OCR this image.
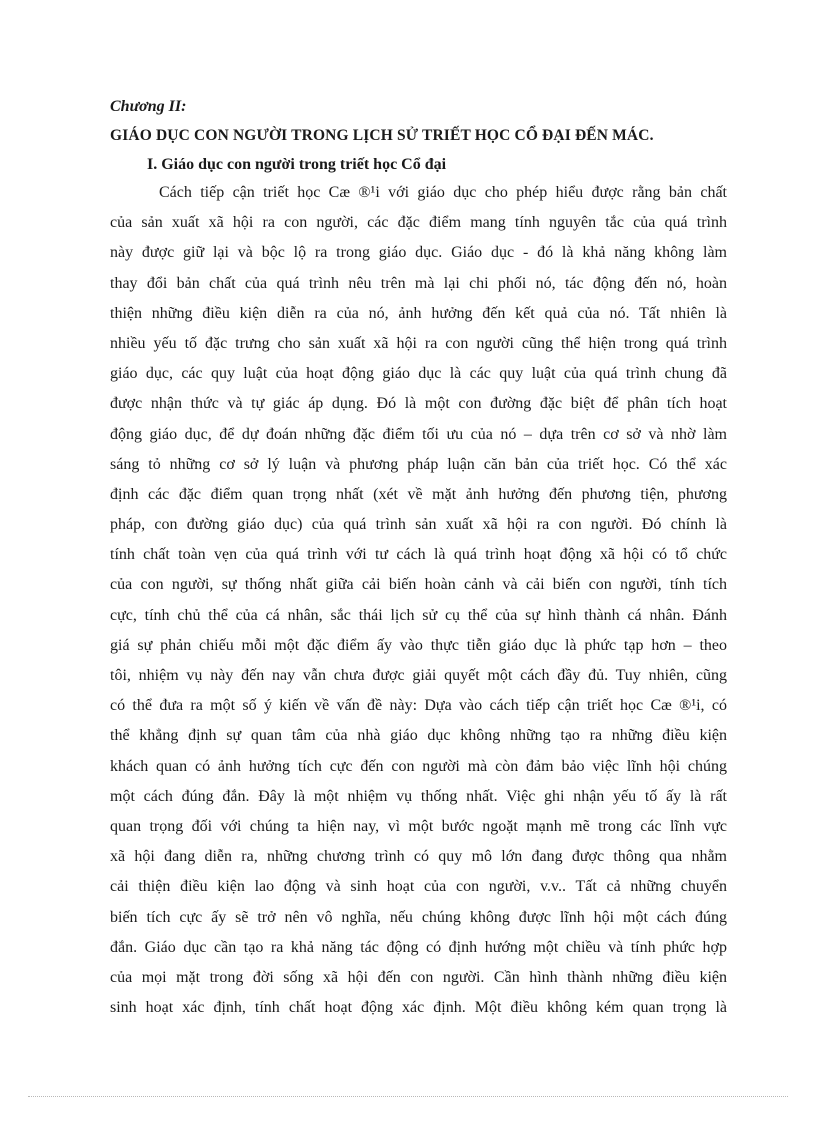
Chương II:

GIÁO DỤC CON NGƯỜI TRONG LỊCH SỬ TRIẾT HỌC CỔ ĐẠI ĐẾN MÁC.

I. Giáo dục con người trong triết học Cổ đại

Cách tiếp cận triết học Cæ ®¹i với giáo dục cho phép hiểu được rằng bản chất
của sản xuất xã hội ra con người, các đặc điểm mang tính nguyên tắc của quá trình
này được giữ lại và bộc lộ ra trong giáo dục. Giáo dục - đó là khả năng không làm
thay đổi bản chất của quá trình nêu trên mà lại chi phối nó, tác động đến nó, hoàn
thiện những điều kiện diễn ra của nó, ảnh hưởng đến kết quả của nó. Tất nhiên là
nhiều yếu tố đặc trưng cho sản xuất xã hội ra con người cũng thể hiện trong quá trình
giáo dục, các quy luật của hoạt động giáo dục là các quy luật của quá trình chung đã
được nhận thức và tự giác áp dụng. Đó là một con đường đặc biệt để phân tích hoạt
động giáo dục, để dự đoán những đặc điểm tối ưu của nó – dựa trên cơ sở và nhờ làm
sáng tỏ những cơ sở lý luận và phương pháp luận căn bản của triết học. Có thể xác
định các đặc điểm quan trọng nhất (xét về mặt ảnh hưởng đến phương tiện, phương
pháp, con đường giáo dục) của quá trình sản xuất xã hội ra con người. Đó chính là
tính chất toàn vẹn của quá trình với tư cách là quá trình hoạt động xã hội có tổ chức
của con người, sự thống nhất giữa cải biến hoàn cảnh và cải biến con người, tính tích
cực, tính chủ thể của cá nhân, sắc thái lịch sử cụ thể của sự hình thành cá nhân. Đánh
giá sự phản chiếu mỗi một đặc điểm ấy vào thực tiễn giáo dục là phức tạp hơn – theo
tôi, nhiệm vụ này đến nay vẫn chưa được giải quyết một cách đầy đủ. Tuy nhiên, cũng
có thể đưa ra một số ý kiến về vấn đề này: Dựa vào cách tiếp cận triết học Cæ ®¹i, có
thể khẳng định sự quan tâm của nhà giáo dục không những tạo ra những điều kiện
khách quan có ảnh hưởng tích cực đến con người mà còn đảm bảo việc lĩnh hội chúng
một cách đúng đắn. Đây là một nhiệm vụ thống nhất. Việc ghi nhận yếu tố ấy là rất
quan trọng đối với chúng ta hiện nay, vì một bước ngoặt mạnh mẽ trong các lĩnh vực
xã hội đang diễn ra, những chương trình có quy mô lớn đang được thông qua nhằm
cải thiện điều kiện lao động và sinh hoạt của con người, v.v.. Tất cả những chuyển
biến tích cực ấy sẽ trở nên vô nghĩa, nếu chúng không được lĩnh hội một cách đúng
đắn. Giáo dục cần tạo ra khả năng tác động có định hướng một chiều và tính phức hợp
của mọi mặt trong đời sống xã hội đến con người. Cần hình thành những điều kiện
sinh hoạt xác định, tính chất hoạt động xác định. Một điều không kém quan trọng là
